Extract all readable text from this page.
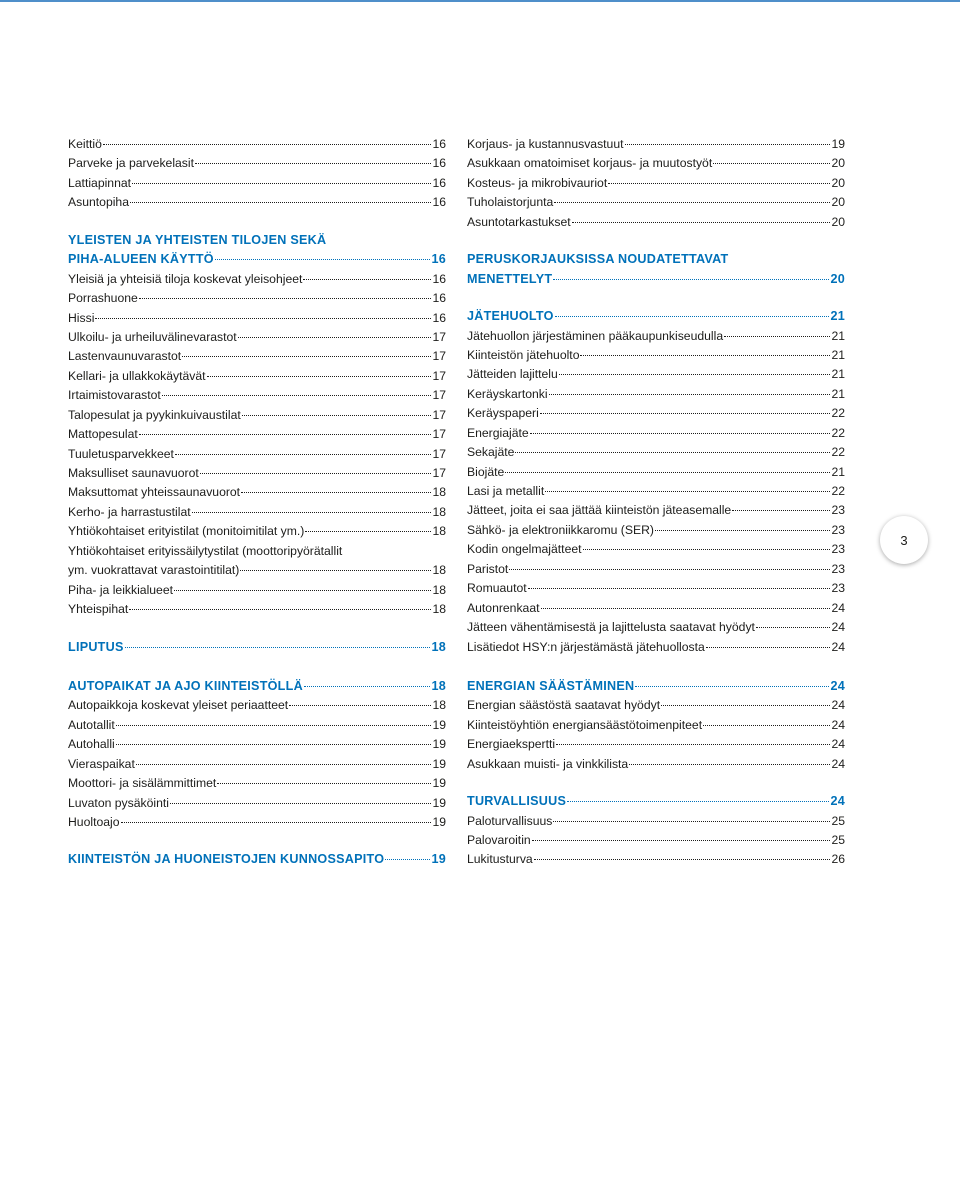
Keittiö	16
Parveke ja parvekelasit	16
Lattiapinnat	16
Asuntopiha	16
YLEISTEN JA YHTEISTEN TILOJEN SEKÄ
PIHA-ALUEEN KÄYTTÖ	16
Yleisiä ja yhteisiä tiloja koskevat yleisohjeet	16
Porrashuone	16
Hissi	16
Ulkoilu- ja urheiluvälinevarastot	17
Lastenvaunuvarastot	17
Kellari- ja ullakkokäytävät	17
Irtaimistovarastot	17
Talopesulat ja pyykinkuivaustilat	17
Mattopesulat	17
Tuuletusparvekkeet	17
Maksulliset saunavuorot	17
Maksuttomat yhteissaunavuorot	18
Kerho- ja harrastustilat	18
Yhtiökohtaiset erityistilat (monitoimitilat ym.)	18
Yhtiökohtaiset erityissäilytystilat (moottoripyörätallit
ym. vuokrattavat varastointitilat)	18
Piha- ja leikkialueet	18
Yhteispihat	18
LIPUTUS	18
AUTOPAIKAT JA AJO KIINTEISTÖLLÄ	18
Autopaikkoja koskevat yleiset periaatteet	18
Autotallit	19
Autohalli	19
Vieraspaikat	19
Moottori- ja sisälämmittimet	19
Luvaton pysäköinti	19
Huoltoajo	19
KIINTEISTÖN JA HUONEISTOJEN KUNNOSSAPITO	19
Korjaus- ja kustannusvastuut	19
Asukkaan omatoimiset korjaus- ja muutostyöt	20
Kosteus- ja mikrobivauriot	20
Tuholaistorjunta	20
Asuntotarkastukset	20
PERUSKORJAUKSISSA NOUDATETTAVAT
MENETTELYT	20
JÄTEHUOLTO	21
Jätehuollon järjestäminen pääkaupunkiseudulla	21
Kiinteistön jätehuolto	21
Jätteiden lajittelu	21
Keräyskartonki	21
Keräyspaperi	22
Energiajäte	22
Sekajäte	22
Biojäte	21
Lasi ja metallit	22
Jätteet, joita ei saa jättää kiinteistön jäteasemalle	23
Sähkö- ja elektroniikkaromu (SER)	23
Kodin ongelmajätteet	23
Paristot	23
Romuautot	23
Autonrenkaat	24
Jätteen vähentämisestä ja lajittelusta saatavat hyödyt	24
Lisätiedot HSY:n järjestämästä jätehuollosta	24
ENERGIAN SÄÄSTÄMINEN	24
Energian säästöstä saatavat hyödyt	24
Kiinteistöyhtiön energiansäästötoimenpiteet	24
Energiaekspertti	24
Asukkaan muisti- ja vinkkilista	24
TURVALLISUUS	24
Paloturvallisuus	25
Palovaroitin	25
Lukitusturva	26
3
